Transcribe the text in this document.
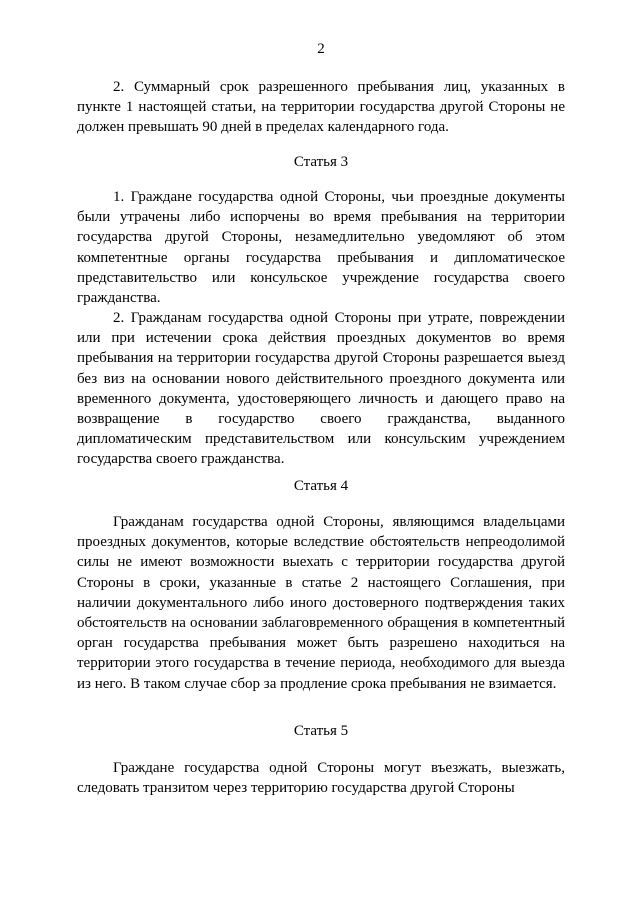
2

2. Суммарный срок разрешенного пребывания лиц, указанных в пункте 1 настоящей статьи, на территории государства другой Стороны не должен превышать 90 дней в пределах календарного года.

Статья 3

1. Граждане государства одной Стороны, чьи проездные документы были утрачены либо испорчены во время пребывания на территории государства другой Стороны, незамедлительно уведомляют об этом компетентные органы государства пребывания и дипломатическое представительство или консульское учреждение государства своего гражданства.

2. Гражданам государства одной Стороны при утрате, повреждении или при истечении срока действия проездных документов во время пребывания на территории государства другой Стороны разрешается выезд без виз на основании нового действительного проездного документа или временного документа, удостоверяющего личность и дающего право на возвращение в государство своего гражданства, выданного дипломатическим представительством или консульским учреждением государства своего гражданства.

Статья 4

Гражданам государства одной Стороны, являющимся владельцами проездных документов, которые вследствие обстоятельств непреодолимой силы не имеют возможности выехать с территории государства другой Стороны в сроки, указанные в статье 2 настоящего Соглашения, при наличии документального либо иного достоверного подтверждения таких обстоятельств на основании заблаговременного обращения в компетентный орган государства пребывания может быть разрешено находиться на территории этого государства в течение периода, необходимого для выезда из него. В таком случае сбор за продление срока пребывания не взимается.

Статья 5

Граждане государства одной Стороны могут въезжать, выезжать, следовать транзитом через территорию государства другой Стороны
